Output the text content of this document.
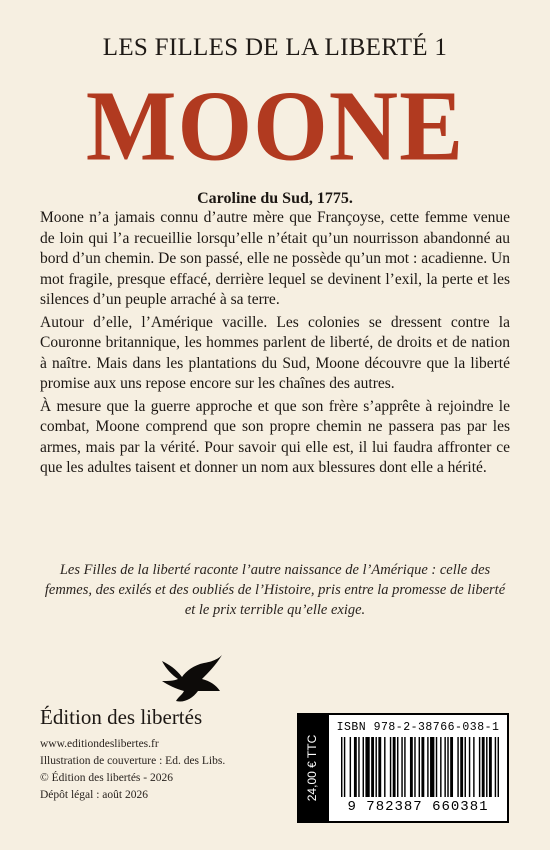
LES FILLES DE LA LIBERTÉ 1
MOONE
Caroline du Sud, 1775.

Moone n’a jamais connu d’autre mère que Françoyse, cette femme venue de loin qui l’a recueillie lorsqu’elle n’était qu’un nourrisson abandonné au bord d’un chemin. De son passé, elle ne possède qu’un mot : acadienne. Un mot fragile, presque effacé, derrière lequel se devinent l’exil, la perte et les silences d’un peuple arraché à sa terre.

Autour d’elle, l’Amérique vacille. Les colonies se dressent contre la Couronne britannique, les hommes parlent de liberté, de droits et de nation à naître. Mais dans les plantations du Sud, Moone découvre que la liberté promise aux uns repose encore sur les chaînes des autres.

À mesure que la guerre approche et que son frère s’apprête à rejoindre le combat, Moone comprend que son propre chemin ne passera pas par les armes, mais par la vérité. Pour savoir qui elle est, il lui faudra affronter ce que les adultes taisent et donner un nom aux blessures dont elle a hérité.

Les Filles de la liberté raconte l’autre naissance de l’Amérique : celle des femmes, des exilés et des oubliés de l’Histoire, pris entre la promesse de liberté et le prix terrible qu’elle exige.
Édition des libertés
www.editiondeslibertes.fr
Illustration de couverture : Ed. des Libs.
© Édition des libertés - 2026
Dépôt légal : août 2026	24,00 € TTC
ISBN 978-2-38766-038-1
9 782387 660381
